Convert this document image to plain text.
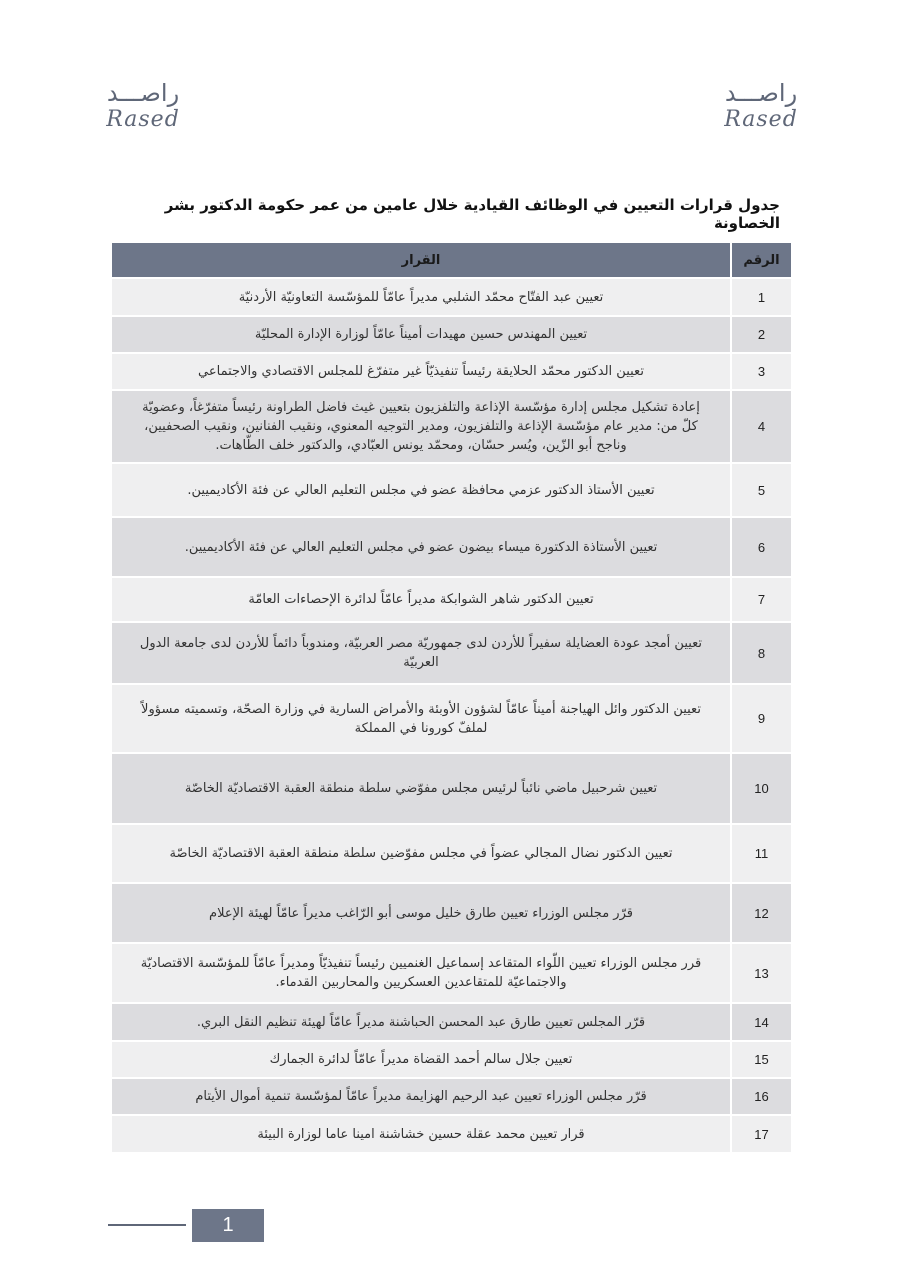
راصـــد
Rased
راصـــد
Rased
جدول قرارات التعيين في الوظائف القيادية خلال عامين من عمر حكومة الدكتور بشر الخصاونة
الرقم	القرار
1	تعيين عبد الفتّاح محمّد الشلبي مديراً عامّاً للمؤسّسة التعاونيّة الأردنيّة
2	تعيين المهندس حسين مهيدات أميناً عامّاً لوزارة الإدارة المحليّة
3	تعيين الدكتور محمّد الحلايقة رئيساً تنفيذيّاً غير متفرّغ للمجلس الاقتصادي والاجتماعي
4	إعادة تشكيل مجلس إدارة مؤسّسة الإذاعة والتلفزيون بتعيين غيث فاضل الطراونة رئيساً متفرّغاً، وعضويّة كلّ من: مدير عام مؤسّسة الإذاعة والتلفزيون، ومدير التوجيه المعنوي، ونقيب الفنانين، ونقيب الصحفيين، وناجح أبو الزّين، ويُسر حسّان، ومحمّد يونس العبّادي، والدكتور خلف الطّاهات.
5	تعيين الأستاذ الدكتور عزمي محافظة عضو في مجلس التعليم العالي عن فئة الأكاديميين.
6	تعيين الأستاذة الدكتورة ميساء بيضون عضو في مجلس التعليم العالي عن فئة الأكاديميين.
7	تعيين الدكتور شاهر الشوابكة مديراً عامّاً لدائرة الإحصاءات العامّة
8	تعيين أمجد عودة العضايلة سفيراً للأردن لدى جمهوريّة مصر العربيّة، ومندوباً دائماً للأردن لدى جامعة الدول العربيّة
9	تعيين الدكتور وائل الهياجنة أميناً عامّاً لشؤون الأوبئة والأمراض السارية في وزارة الصحّة، وتسميته مسؤولاً لملفّ كورونا في المملكة
10	تعيين شرحبيل ماضي نائباً لرئيس مجلس مفوّضي سلطة منطقة العقبة الاقتصاديّة الخاصّة
11	تعيين الدكتور نضال المجالي عضواً في مجلس مفوّضين سلطة منطقة العقبة الاقتصاديّة الخاصّة
12	قرّر مجلس الوزراء تعيين طارق خليل موسى أبو الرّاغب مديراً عامّاً لهيئة الإعلام
13	قرر مجلس الوزراء تعيين اللّواء المتقاعد إسماعيل الغنميين رئيساً تنفيذيّاً ومديراً عامّاً للمؤسّسة الاقتصاديّة والاجتماعيّة للمتقاعدين العسكريين والمحاربين القدماء.
14	قرّر المجلس تعيين طارق عبد المحسن الحباشنة مديراً عامّاً لهيئة تنظيم النقل البري.
15	تعيين جلال سالم أحمد القضاة مديراً عامّاً لدائرة الجمارك
16	قرّر مجلس الوزراء تعيين عبد الرحيم الهزايمة مديراً عامّاً لمؤسّسة تنمية أموال الأيتام
17	قرار تعيين محمد عقلة حسين خشاشنة امينا عاما لوزارة البيئة
1
